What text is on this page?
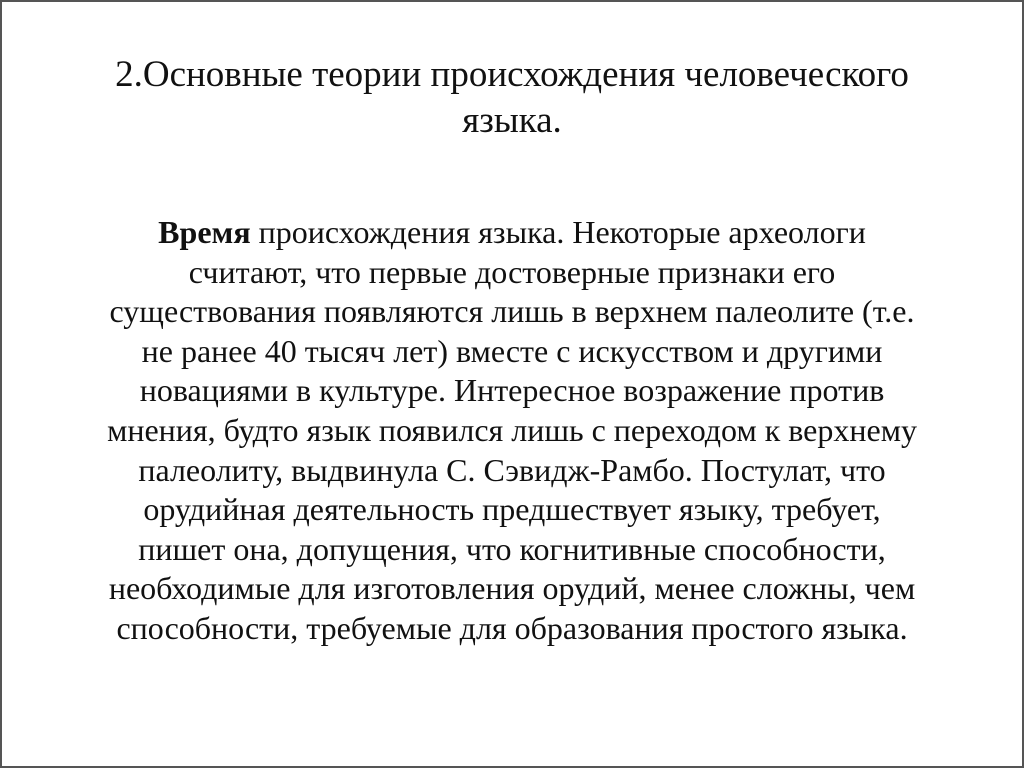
2.Основные теории происхождения человеческого
языка.
Время происхождения языка. Некоторые археологи
считают, что первые достоверные признаки его
существования появляются лишь в верхнем палеолите (т.е.
не ранее 40 тысяч лет) вместе с искусством и другими
новациями в культуре. Интересное возражение против
мнения, будто язык появился лишь с переходом к верхнему
палеолиту, выдвинула С. Сэвидж-Рамбо. Постулат, что
орудийная деятельность предшествует языку, требует,
пишет она, допущения, что когнитивные способности,
необходимые для изготовления орудий, менее сложны, чем
способности, требуемые для образования простого языка.
